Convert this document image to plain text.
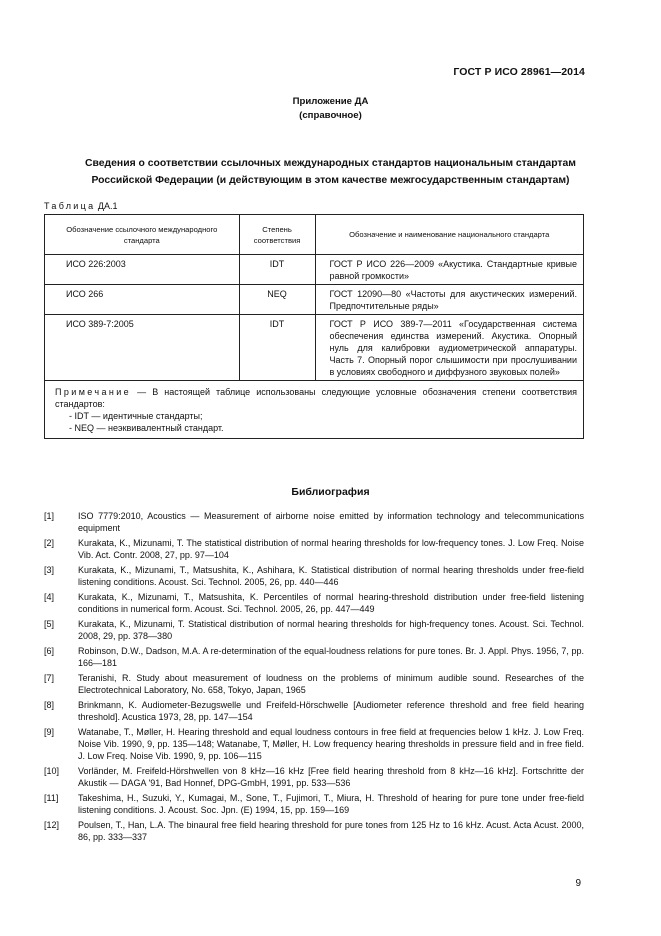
ГОСТ Р ИСО 28961—2014
Приложение ДА
(справочное)
Сведения о соответствии ссылочных международных стандартов национальным стандартам
Российской Федерации (и действующим в этом качестве межгосударственным стандартам)
Таблица ДА.1
Обозначение ссылочного международного стандарта	Степень соответствия	Обозначение и наименование национального стандарта
ИСО 226:2003	IDT	ГОСТ Р ИСО 226—2009 «Акустика. Стандартные кривые равной громкости»
ИСО 266	NEQ	ГОСТ 12090—80 «Частоты для акустических измерений. Предпочтительные ряды»
ИСО 389-7:2005	IDT	ГОСТ Р ИСО 389-7—2011 «Государственная система обеспечения единства измерений. Акустика. Опорный нуль для калибровки аудиометрической аппаратуры. Часть 7. Опорный порог слышимости при прослушивании в условиях свободного и диффузного звуковых полей»

Примечание — В настоящей таблице использованы следующие условные обозначения степени соответствия стандартов:
- IDT — идентичные стандарты;
- NEQ — неэквивалентный стандарт.		
Библиография
[1]	ISO 7779:2010, Acoustics — Measurement of airborne noise emitted by information technology and telecommunications equipment
[2]	Kurakata, K., Mizunami, T. The statistical distribution of normal hearing thresholds for low-frequency tones. J. Low Freq. Noise Vib. Act. Contr. 2008, 27, pp. 97—104
[3]	Kurakata, K., Mizunami, T., Matsushita, K., Ashihara, K. Statistical distribution of normal hearing thresholds under free-field listening conditions. Acoust. Sci. Technol. 2005, 26, pp. 440—446
[4]	Kurakata, K., Mizunami, T., Matsushita, K. Percentiles of normal hearing-threshold distribution under free-field listening conditions in numerical form. Acoust. Sci. Technol. 2005, 26, pp. 447—449
[5]	Kurakata, K., Mizunami, T. Statistical distribution of normal hearing thresholds for high-frequency tones. Acoust. Sci. Technol. 2008, 29, pp. 378—380
[6]	Robinson, D.W., Dadson, M.A. A re-determination of the equal-loudness relations for pure tones. Br. J. Appl. Phys. 1956, 7, pp. 166—181
[7]	Teranishi, R. Study about measurement of loudness on the problems of minimum audible sound. Researches of the Electrotechnical Laboratory, No. 658, Tokyo, Japan, 1965
[8]	Brinkmann, K. Audiometer-Bezugswelle und Freifeld-Hörschwelle [Audiometer reference threshold and free field hearing threshold]. Acustica 1973, 28, pp. 147—154
[9]	Watanabe, T., Møller, H. Hearing threshold and equal loudness contours in free field at frequencies below 1 kHz. J. Low Freq. Noise Vib. 1990, 9, pp. 135—148; Watanabe, T, Møller, H. Low frequency hearing thresholds in pressure field and in free field. J. Low Freq. Noise Vib. 1990, 9, pp. 106—115
[10]	Vorländer, M. Freifeld-Hörshwellen von 8 kHz—16 kHz [Free field hearing threshold from 8 kHz—16 kHz]. Fortschritte der Akustik — DAGA '91, Bad Honnef, DPG-GmbH, 1991, pp. 533—536
[11]	Takeshima, H., Suzuki, Y., Kumagai, M., Sone, T., Fujimori, T., Miura, H. Threshold of hearing for pure tone under free-field listening conditions. J. Acoust. Soc. Jpn. (E) 1994, 15, pp. 159—169
[12]	Poulsen, T., Han, L.A. The binaural free field hearing threshold for pure tones from 125 Hz to 16 kHz. Acust. Acta Acust. 2000, 86, pp. 333—337
9
